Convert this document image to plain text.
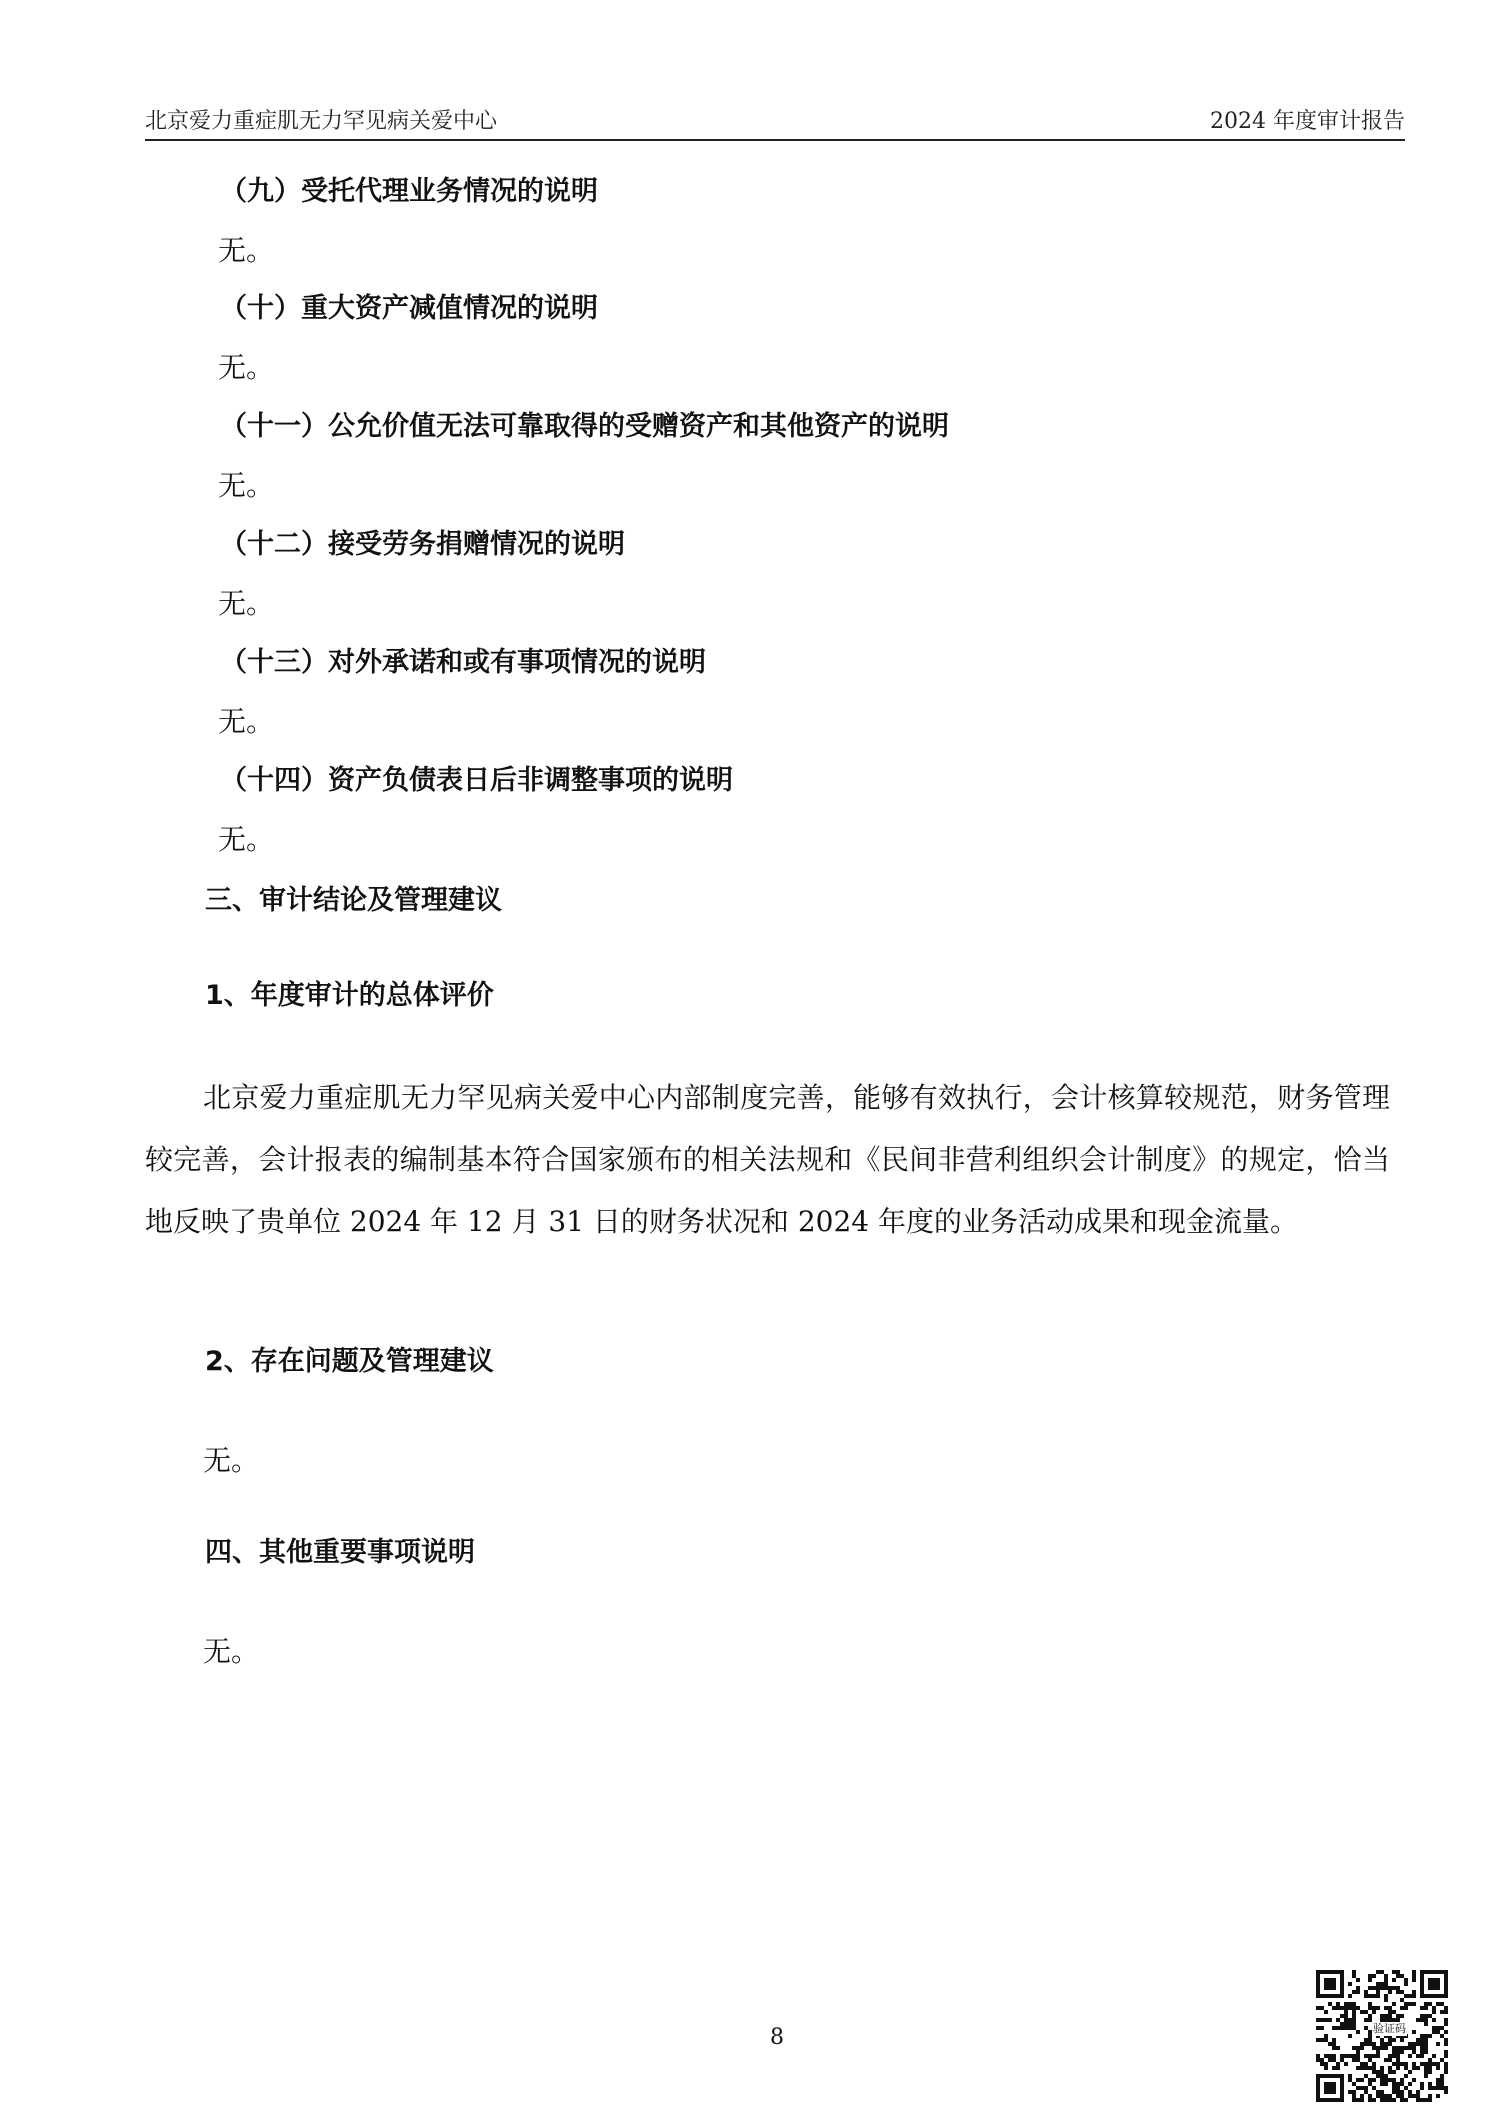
北京爱力重症肌无力罕见病关爱中心	2024 年度审计报告
（九）受托代理业务情况的说明
无。
（十）重大资产减值情况的说明
无。
（十一）公允价值无法可靠取得的受赠资产和其他资产的说明
无。
（十二）接受劳务捐赠情况的说明
无。
（十三）对外承诺和或有事项情况的说明
无。
（十四）资产负债表日后非调整事项的说明
无。
三、审计结论及管理建议
1、年度审计的总体评价

北京爱力重症肌无力罕见病关爱中心内部制度完善，能够有效执行，会计核算较规范，财务管理较完善，会计报表的编制基本符合国家颁布的相关法规和《民间非营利组织会计制度》的规定，恰当地反映了贵单位 2024 年 12 月 31 日的财务状况和 2024 年度的业务活动成果和现金流量。

2、存在问题及管理建议
无。
四、其他重要事项说明
无。
8	验证码
